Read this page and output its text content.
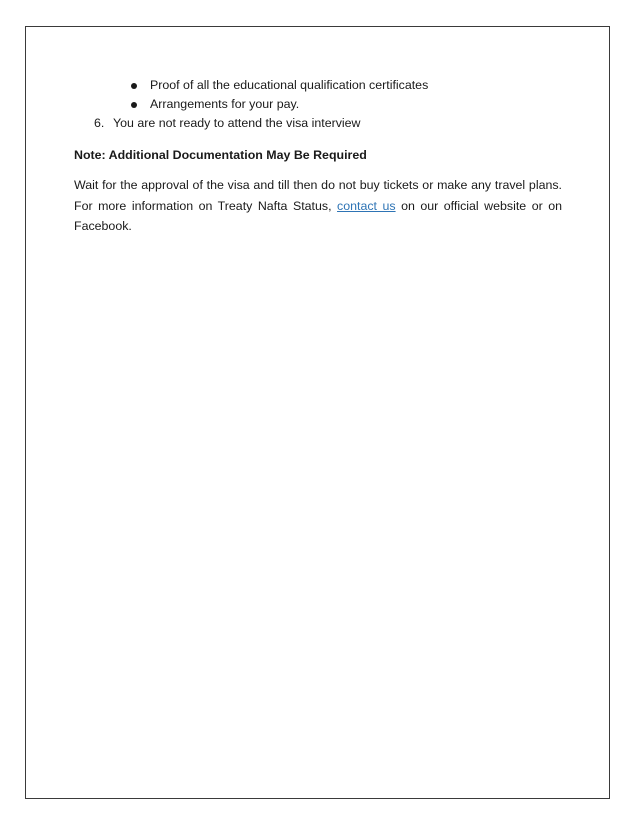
Proof of all the educational qualification certificates
Arrangements for your pay.
6. You are not ready to attend the visa interview
Note: Additional Documentation May Be Required
Wait for the approval of the visa and till then do not buy tickets or make any travel plans.
For more information on Treaty Nafta Status, contact us on our official website or on
Facebook.
